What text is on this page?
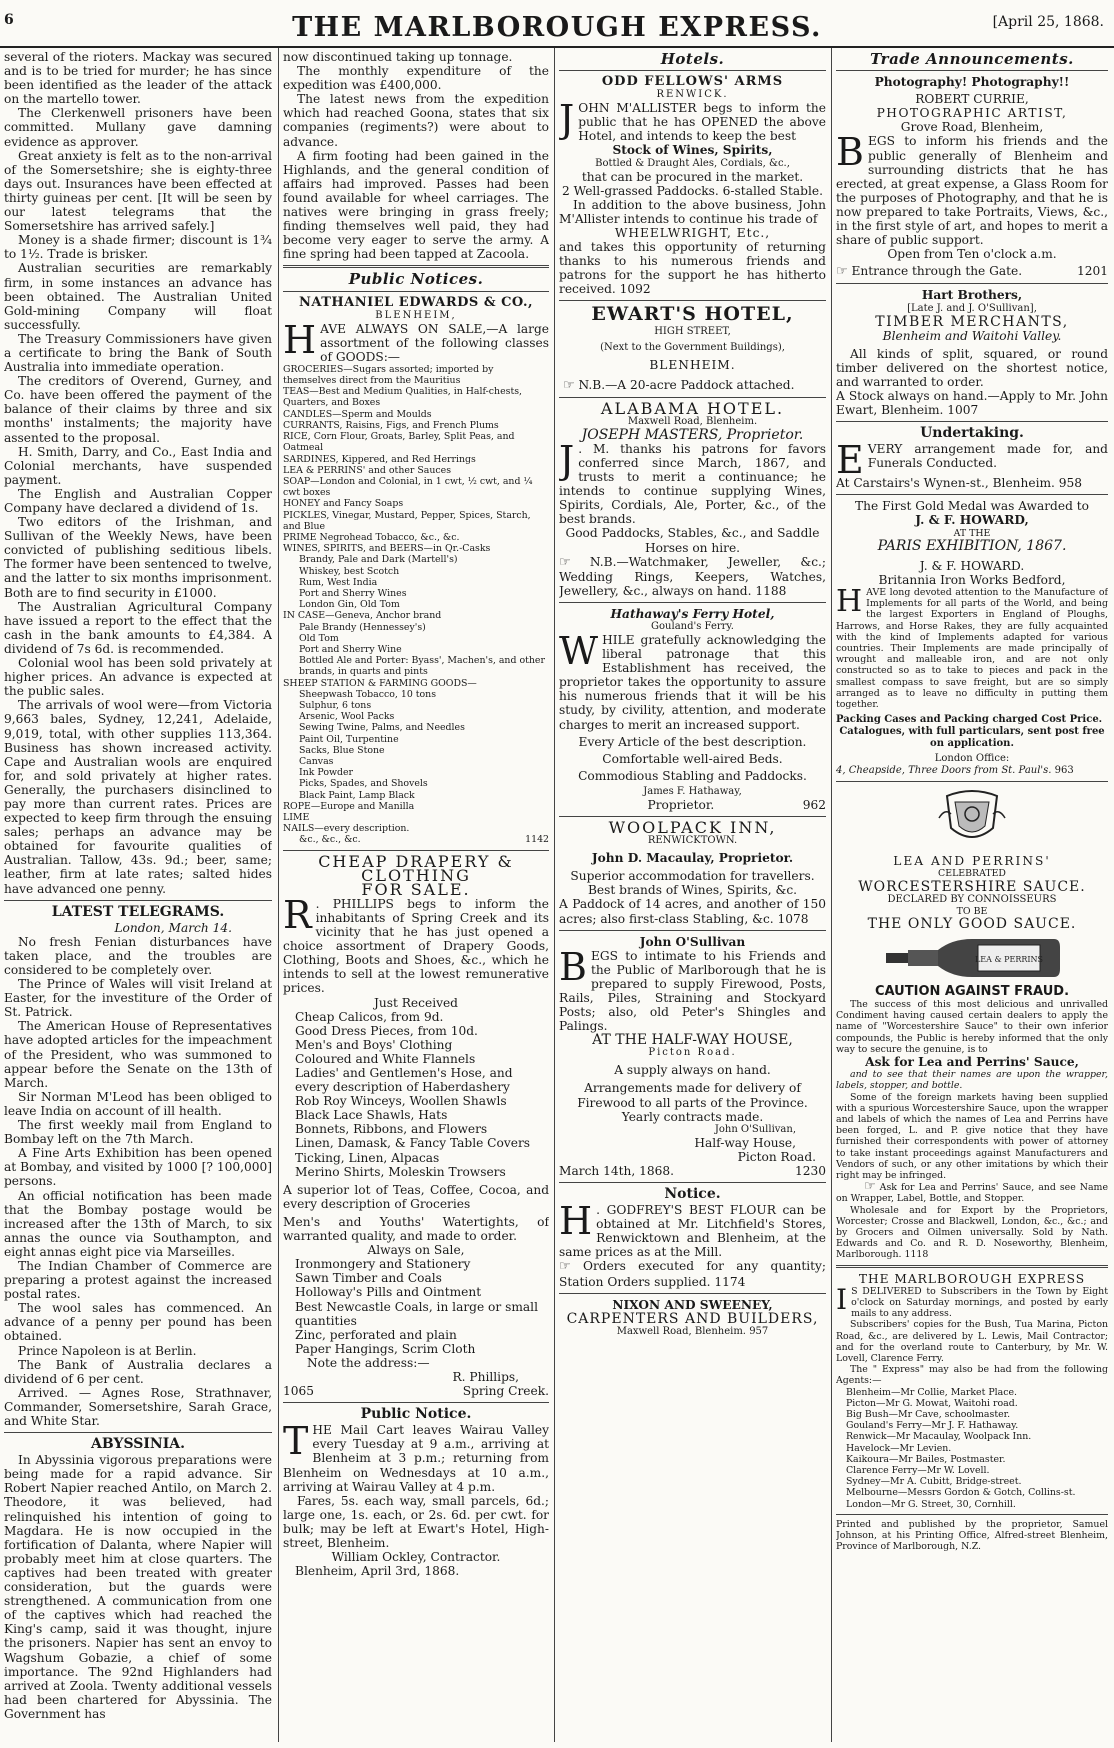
6	THE MARLBOROUGH EXPRESS.	[April 25, 1868.

several of the rioters. Mackay was secured and is to be tried for murder; he has since been identified as the leader of the attack on the martello tower.

The Clerkenwell prisoners have been committed. Mullany gave damning evidence as approver.

Great anxiety is felt as to the non-arrival of the Somersetshire; she is eighty-three days out. Insurances have been effected at thirty guineas per cent. [It will be seen by our latest telegrams that the Somersetshire has arrived safely.]

Money is a shade firmer; discount is 1¾ to 1½. Trade is brisker.

Australian securities are remarkably firm, in some instances an advance has been obtained. The Australian United Gold-mining Company will float successfully.

The Treasury Commissioners have given a certificate to bring the Bank of South Australia into immediate operation.

The creditors of Overend, Gurney, and Co. have been offered the payment of the balance of their claims by three and six months' instalments; the majority have assented to the proposal.

H. Smith, Darry, and Co., East India and Colonial merchants, have suspended payment.

The English and Australian Copper Company have declared a dividend of 1s.

Two editors of the Irishman, and Sullivan of the Weekly News, have been convicted of publishing seditious libels. The former have been sentenced to twelve, and the latter to six months imprisonment. Both are to find security in £1000.

The Australian Agricultural Company have issued a report to the effect that the cash in the bank amounts to £4,384. A dividend of 7s 6d. is recommended.

Colonial wool has been sold privately at higher prices. An advance is expected at the public sales.

The arrivals of wool were—from Victoria 9,663 bales, Sydney, 12,241, Adelaide, 9,019, total, with other supplies 113,364. Business has shown increased activity. Cape and Australian wools are enquired for, and sold privately at higher rates. Generally, the purchasers disinclined to pay more than current rates. Prices are expected to keep firm through the ensuing sales; perhaps an advance may be obtained for favourite qualities of Australian. Tallow, 43s. 9d.; beer, same; leather, firm at late rates; salted hides have advanced one penny.

LATEST TELEGRAMS.
London, March 14.

No fresh Fenian disturbances have taken place, and the troubles are considered to be completely over.

The Prince of Wales will visit Ireland at Easter, for the investiture of the Order of St. Patrick.

The American House of Representatives have adopted articles for the impeachment of the President, who was summoned to appear before the Senate on the 13th of March.

Sir Norman M'Leod has been obliged to leave India on account of ill health.

The first weekly mail from England to Bombay left on the 7th March.

A Fine Arts Exhibition has been opened at Bombay, and visited by 1000 [? 100,000] persons.

An official notification has been made that the Bombay postage would be increased after the 13th of March, to six annas the ounce via Southampton, and eight annas eight pice via Marseilles.

The Indian Chamber of Commerce are preparing a protest against the increased postal rates.

The wool sales has commenced. An advance of a penny per pound has been obtained.

Prince Napoleon is at Berlin.

The Bank of Australia declares a dividend of 6 per cent.

Arrived. — Agnes Rose, Strathnaver, Commander, Somersetshire, Sarah Grace, and White Star.

ABYSSINIA.

In Abyssinia vigorous preparations were being made for a rapid advance. Sir Robert Napier reached Antilo, on March 2. Theodore, it was believed, had relinquished his intention of going to Magdara. He is now occupied in the fortification of Dalanta, where Napier will probably meet him at close quarters. The captives had been treated with greater consideration, but the guards were strengthened. A communication from one of the captives which had reached the King's camp, said it was thought, injure the prisoners. Napier has sent an envoy to Wagshum Gobazie, a chief of some importance. The 92nd Highlanders had arrived at Zoola. Twenty additional vessels had been chartered for Abyssinia. The Government has

now discontinued taking up tonnage.

The monthly expenditure of the expedition was £400,000.

The latest news from the expedition which had reached Goona, states that six companies (regiments?) were about to advance.

A firm footing had been gained in the Highlands, and the general condition of affairs had improved. Passes had been found available for wheel carriages. The natives were bringing in grass freely; finding themselves well paid, they had become very eager to serve the army. A fine spring had been tapped at Zacoola.

Public Notices.
NATHANIEL EDWARDS & CO.,
BLENHEIM,

HAVE ALWAYS ON SALE,—A large assortment of the following classes of GOODS:—

GROCERIES—Sugars assorted; imported by themselves direct from the Mauritius
TEAS—Best and Medium Qualities, in Half-chests, Quarters, and Boxes
CANDLES—Sperm and Moulds
CURRANTS, Raisins, Figs, and French Plums
RICE, Corn Flour, Groats, Barley, Split Peas, and Oatmeal
SARDINES, Kippered, and Red Herrings
LEA & PERRINS' and other Sauces
SOAP—London and Colonial, in 1 cwt, ½ cwt, and ¼ cwt boxes
HONEY and Fancy Soaps
PICKLES, Vinegar, Mustard, Pepper, Spices, Starch, and Blue
PRIME Negrohead Tobacco, &c., &c.
WINES, SPIRITS, and BEERS—in Qr.-Casks
Brandy, Pale and Dark (Martell's)
Whiskey, best Scotch
Rum, West India
Port and Sherry Wines
London Gin, Old Tom
IN CASE—Geneva, Anchor brand
Pale Brandy (Hennessey's)
Old Tom
Port and Sherry Wine
Bottled Ale and Porter: Byass', Machen's, and other brands, in quarts and pints
SHEEP STATION & FARMING GOODS—
Sheepwash Tobacco, 10 tons
Sulphur, 6 tons
Arsenic, Wool Packs
Sewing Twine, Palms, and Needles
Paint Oil, Turpentine
Sacks, Blue Stone
Canvas
Ink Powder
Picks, Spades, and Shovels
Black Paint, Lamp Black
ROPE—Europe and Manilla
LIME
NAILS—every description.
&c., &c., &c.	1142
CHEAP DRAPERY & CLOTHING
FOR SALE.

R . PHILLIPS begs to inform the inhabitants of Spring Creek and its vicinity that he has just opened a choice assortment of Drapery Goods, Clothing, Boots and Shoes, &c., which he intends to sell at the lowest remunerative prices.

Just Received
Cheap Calicos, from 9d.
Good Dress Pieces, from 10d.
Men's and Boys' Clothing
Coloured and White Flannels
Ladies' and Gentlemen's Hose, and every description of Haberdashery
Rob Roy Winceys, Woollen Shawls
Black Lace Shawls, Hats
Bonnets, Ribbons, and Flowers
Linen, Damask, & Fancy Table Covers
Ticking, Linen, Alpacas
Merino Shirts, Moleskin Trowsers

A superior lot of Teas, Coffee, Cocoa, and every description of Groceries

Men's and Youths' Watertights, of warranted quality, and made to order.

Always on Sale,
Ironmongery and Stationery
Sawn Timber and Coals
Holloway's Pills and Ointment
Best Newcastle Coals, in large or small quantities
Zinc, perforated and plain
Paper Hangings, Scrim Cloth
Note the address:—
R. Phillips,
1065	Spring Creek.
Public Notice.

THE Mail Cart leaves Wairau Valley every Tuesday at 9 a.m., arriving at Blenheim at 3 p.m.; returning from Blenheim on Wednesdays at 10 a.m., arriving at Wairau Valley at 4 p.m.

Fares, 5s. each way, small parcels, 6d.; large one, 1s. each, or 2s. 6d. per cwt. for bulk; may be left at Ewart's Hotel, High-street, Blenheim.

William Ockley, Contractor.
Blenheim, April 3rd, 1868.
Hotels.
ODD FELLOWS' ARMS
RENWICK.

JOHN M'ALLISTER begs to inform the public that he has OPENED the above Hotel, and intends to keep the best

Stock of Wines, Spirits,
Bottled & Draught Ales, Cordials, &c.,
that can be procured in the market.
2 Well-grassed Paddocks. 6-stalled Stable.

In addition to the above business, John M'Allister intends to continue his trade of

WHEELWRIGHT, Etc.,

and takes this opportunity of returning thanks to his numerous friends and patrons for the support he has hitherto received. 1092

EWART'S HOTEL,
HIGH STREET,
(Next to the Government Buildings),
BLENHEIM.
☞ N.B.—A 20-acre Paddock attached.
ALABAMA HOTEL.
Maxwell Road, Blenheim.
JOSEPH MASTERS, Proprietor.

J . M. thanks his patrons for favors conferred since March, 1867, and trusts to merit a continuance; he intends to continue supplying Wines, Spirits, Cordials, Ale, Porter, &c., of the best brands.

Good Paddocks, Stables, &c., and Saddle Horses on hire.

☞ N.B.—Watchmaker, Jeweller, &c.; Wedding Rings, Keepers, Watches, Jewellery, &c., always on hand. 1188

Hathaway's Ferry Hotel,
Gouland's Ferry.

WHILE gratefully acknowledging the liberal patronage that this Establishment has received, the proprietor takes the opportunity to assure his numerous friends that it will be his study, by civility, attention, and moderate charges to merit an increased support.

Every Article of the best description.
Comfortable well-aired Beds.
Commodious Stabling and Paddocks.
James F. Hathaway,
Proprietor.	962
WOOLPACK INN,
RENWICKTOWN.
John D. Macaulay, Proprietor.
Superior accommodation for travellers.
Best brands of Wines, Spirits, &c.

A Paddock of 14 acres, and another of 150 acres; also first-class Stabling, &c. 1078

John O'Sullivan

BEGS to intimate to his Friends and the Public of Marlborough that he is prepared to supply Firewood, Posts, Rails, Piles, Straining and Stockyard Posts; also, old Peter's Shingles and Palings.

AT THE HALF-WAY HOUSE,
Picton Road.
A supply always on hand.
Arrangements made for delivery of Firewood to all parts of the Province.
Yearly contracts made.
John O'Sullivan,
Half-way House,
Picton Road.
March 14th, 1868.	1230
Notice.

H . GODFREY'S BEST FLOUR can be obtained at Mr. Litchfield's Stores, Renwicktown and Blenheim, at the same prices as at the Mill.

☞ Orders executed for any quantity; Station Orders supplied. 1174

NIXON AND SWEENEY,
CARPENTERS AND BUILDERS,
Maxwell Road, Blenheim. 957
Trade Announcements.
Photography! Photography!!
ROBERT CURRIE,
PHOTOGRAPHIC ARTIST,
Grove Road, Blenheim,

BEGS to inform his friends and the public generally of Blenheim and surrounding districts that he has erected, at great expense, a Glass Room for the purposes of Photography, and that he is now prepared to take Portraits, Views, &c., in the first style of art, and hopes to merit a share of public support.

Open from Ten o'clock a.m.
☞ Entrance through the Gate.	1201
Hart Brothers,
[Late J. and J. O'Sullivan],
TIMBER MERCHANTS,
Blenheim and Waitohi Valley.

All kinds of split, squared, or round timber delivered on the shortest notice, and warranted to order.

A Stock always on hand.—Apply to Mr. John Ewart, Blenheim. 1007

Undertaking.

EVERY arrangement made for, and Funerals Conducted.

At Carstairs's Wynen-st., Blenheim. 958
The First Gold Medal was Awarded to
J. & F. HOWARD,
AT THE
PARIS EXHIBITION, 1867.
J. & F. HOWARD.
Britannia Iron Works Bedford,

HAVE long devoted attention to the Manufacture of Implements for all parts of the World, and being the largest Exporters in England of Ploughs, Harrows, and Horse Rakes, they are fully acquainted with the kind of Implements adapted for various countries. Their Implements are made principally of wrought and malleable iron, and are not only constructed so as to take to pieces and pack in the smallest compass to save freight, but are so simply arranged as to leave no difficulty in putting them together.

Packing Cases and Packing charged Cost Price.
Catalogues, with full particulars, sent post free on application.
London Office:
4, Cheapside, Three Doors from St. Paul's. 963
LEA AND PERRINS'
CELEBRATED
WORCESTERSHIRE SAUCE.
DECLARED BY CONNOISSEURS
TO BE
THE ONLY GOOD SAUCE.
LEA & PERRINS
CAUTION AGAINST FRAUD.

The success of this most delicious and unrivalled Condiment having caused certain dealers to apply the name of "Worcestershire Sauce" to their own inferior compounds, the Public is hereby informed that the only way to secure the genuine, is to

Ask for Lea and Perrins' Sauce,

and to see that their names are upon the wrapper, labels, stopper, and bottle.

Some of the foreign markets having been supplied with a spurious Worcestershire Sauce, upon the wrapper and labels of which the names of Lea and Perrins have been forged, L. and P. give notice that they have furnished their correspondents with power of attorney to take instant proceedings against Manufacturers and Vendors of such, or any other imitations by which their right may be infringed.

☞ Ask for Lea and Perrins' Sauce, and see Name on Wrapper, Label, Bottle, and Stopper.

Wholesale and for Export by the Proprietors, Worcester; Crosse and Blackwell, London, &c., &c.; and by Grocers and Oilmen universally. Sold by Nath. Edwards and Co. and R. D. Noseworthy, Blenheim, Marlborough. 1118

THE MARLBOROUGH EXPRESS

I S DELIVERED to Subscribers in the Town by Eight o'clock on Saturday mornings, and posted by early mails to any address.

Subscribers' copies for the Bush, Tua Marina, Picton Road, &c., are delivered by L. Lewis, Mail Contractor; and for the overland route to Canterbury, by Mr. W. Lovell, Clarence Ferry.

The " Express" may also be had from the following Agents:—

Blenheim—Mr Collie, Market Place.
Picton—Mr G. Mowat, Waitohi road.
Big Bush—Mr Cave, schoolmaster.
Gouland's Ferry—Mr J. F. Hathaway.
Renwick—Mr Macaulay, Woolpack Inn.
Havelock—Mr Levien.
Kaikoura—Mr Bailes, Postmaster.
Clarence Ferry—Mr W. Lovell.
Sydney—Mr A. Cubitt, Bridge-street.
Melbourne—Messrs Gordon & Gotch, Collins-st.
London—Mr G. Street, 30, Cornhill.

Printed and published by the proprietor, Samuel Johnson, at his Printing Office, Alfred-street Blenheim, Province of Marlborough, N.Z.
